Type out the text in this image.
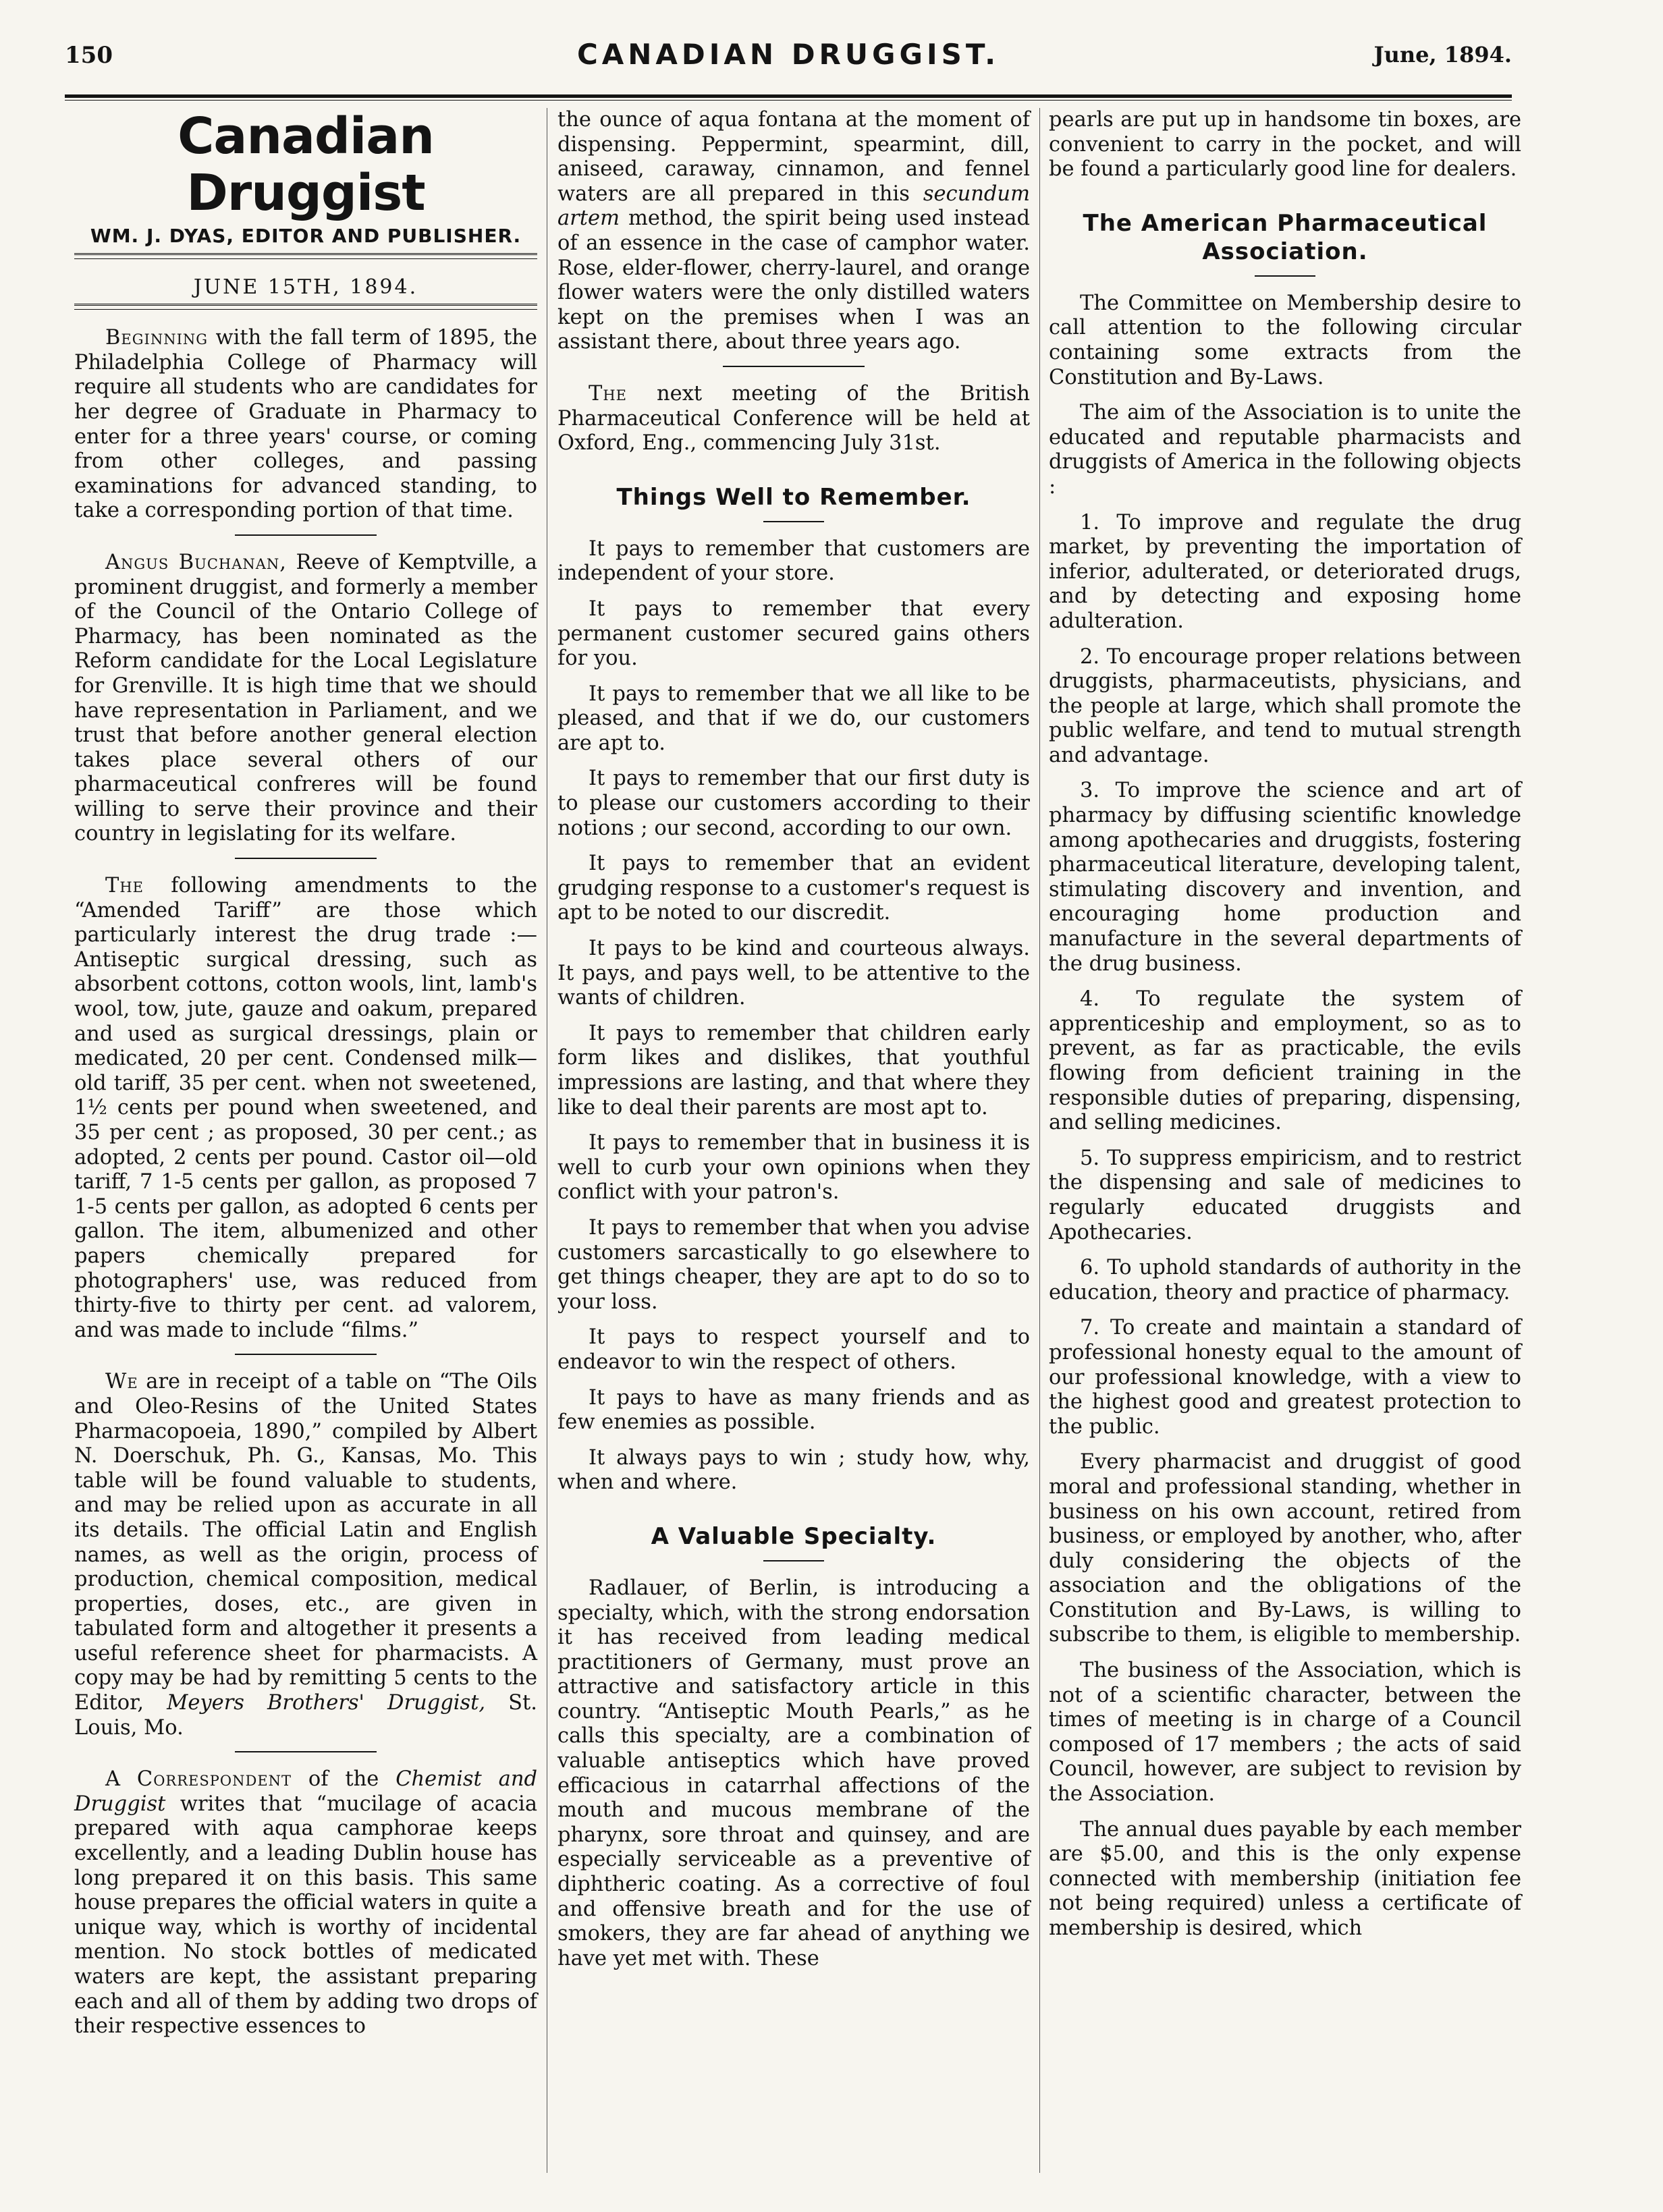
150	CANADIAN DRUGGIST.	June, 1894.
Canadian Druggist
WM. J. DYAS, EDITOR AND PUBLISHER.
JUNE 15TH, 1894.

Beginning with the fall term of 1895, the Philadelphia College of Pharmacy will require all students who are candidates for her degree of Graduate in Pharmacy to enter for a three years' course, or coming from other colleges, and passing examinations for advanced standing, to take a corresponding portion of that time.

Angus Buchanan, Reeve of Kemptville, a prominent druggist, and formerly a member of the Council of the Ontario College of Pharmacy, has been nominated as the Reform candidate for the Local Legislature for Grenville. It is high time that we should have representation in Parliament, and we trust that before another general election takes place several others of our pharmaceutical confreres will be found willing to serve their province and their country in legislating for its welfare.

The following amendments to the “Amended Tariff” are those which particularly interest the drug trade :—Antiseptic surgical dressing, such as absorbent cottons, cotton wools, lint, lamb's wool, tow, jute, gauze and oakum, prepared and used as surgical dressings, plain or medicated, 20 per cent. Condensed milk—old tariff, 35 per cent. when not sweetened, 1½ cents per pound when sweetened, and 35 per cent ; as proposed, 30 per cent.; as adopted, 2 cents per pound. Castor oil—old tariff, 7 1-5 cents per gallon, as proposed 7 1-5 cents per gallon, as adopted 6 cents per gallon. The item, albumenized and other papers chemically prepared for photographers' use, was reduced from thirty-five to thirty per cent. ad valorem, and was made to include “films.”

We are in receipt of a table on “The Oils and Oleo-Resins of the United States Pharmacopoeia, 1890,” compiled by Albert N. Doerschuk, Ph. G., Kansas, Mo. This table will be found valuable to students, and may be relied upon as accurate in all its details. The official Latin and English names, as well as the origin, process of production, chemical composition, medical properties, doses, etc., are given in tabulated form and altogether it presents a useful reference sheet for pharmacists. A copy may be had by remitting 5 cents to the Editor, Meyers Brothers' Druggist, St. Louis, Mo.

A Correspondent of the Chemist and Druggist writes that “mucilage of acacia prepared with aqua camphorae keeps excellently, and a leading Dublin house has long prepared it on this basis. This same house prepares the official waters in quite a unique way, which is worthy of incidental mention. No stock bottles of medicated waters are kept, the assistant preparing each and all of them by adding two drops of their respective essences to

the ounce of aqua fontana at the moment of dispensing. Peppermint, spearmint, dill, aniseed, caraway, cinnamon, and fennel waters are all prepared in this secundum artem method, the spirit being used instead of an essence in the case of camphor water. Rose, elder-flower, cherry-laurel, and orange flower waters were the only distilled waters kept on the premises when I was an assistant there, about three years ago.

The next meeting of the British Pharmaceutical Conference will be held at Oxford, Eng., commencing July 31st.

Things Well to Remember.

It pays to remember that customers are independent of your store.

It pays to remember that every permanent customer secured gains others for you.

It pays to remember that we all like to be pleased, and that if we do, our customers are apt to.

It pays to remember that our first duty is to please our customers according to their notions ; our second, according to our own.

It pays to remember that an evident grudging response to a customer's request is apt to be noted to our discredit.

It pays to be kind and courteous always. It pays, and pays well, to be attentive to the wants of children.

It pays to remember that children early form likes and dislikes, that youthful impressions are lasting, and that where they like to deal their parents are most apt to.

It pays to remember that in business it is well to curb your own opinions when they conflict with your patron's.

It pays to remember that when you advise customers sarcastically to go elsewhere to get things cheaper, they are apt to do so to your loss.

It pays to respect yourself and to endeavor to win the respect of others.

It pays to have as many friends and as few enemies as possible.

It always pays to win ; study how, why, when and where.

A Valuable Specialty.

Radlauer, of Berlin, is introducing a specialty, which, with the strong endorsation it has received from leading medical practitioners of Germany, must prove an attractive and satisfactory article in this country. “Antiseptic Mouth Pearls,” as he calls this specialty, are a combination of valuable antiseptics which have proved efficacious in catarrhal affections of the mouth and mucous membrane of the pharynx, sore throat and quinsey, and are especially serviceable as a preventive of diphtheric coating. As a corrective of foul and offensive breath and for the use of smokers, they are far ahead of anything we have yet met with. These

pearls are put up in handsome tin boxes, are convenient to carry in the pocket, and will be found a particularly good line for dealers.

The American Pharmaceutical Association.

The Committee on Membership desire to call attention to the following circular containing some extracts from the Constitution and By-Laws.

The aim of the Association is to unite the educated and reputable pharmacists and druggists of America in the following objects :

1. To improve and regulate the drug market, by preventing the importation of inferior, adulterated, or deteriorated drugs, and by detecting and exposing home adulteration.

2. To encourage proper relations between druggists, pharmaceutists, physicians, and the people at large, which shall promote the public welfare, and tend to mutual strength and advantage.

3. To improve the science and art of pharmacy by diffusing scientific knowledge among apothecaries and druggists, fostering pharmaceutical literature, developing talent, stimulating discovery and invention, and encouraging home production and manufacture in the several departments of the drug business.

4. To regulate the system of apprenticeship and employment, so as to prevent, as far as practicable, the evils flowing from deficient training in the responsible duties of preparing, dispensing, and selling medicines.

5. To suppress empiricism, and to restrict the dispensing and sale of medicines to regularly educated druggists and Apothecaries.

6. To uphold standards of authority in the education, theory and practice of pharmacy.

7. To create and maintain a standard of professional honesty equal to the amount of our professional knowledge, with a view to the highest good and greatest protection to the public.

Every pharmacist and druggist of good moral and professional standing, whether in business on his own account, retired from business, or employed by another, who, after duly considering the objects of the association and the obligations of the Constitution and By-Laws, is willing to subscribe to them, is eligible to membership.

The business of the Association, which is not of a scientific character, between the times of meeting is in charge of a Council composed of 17 members ; the acts of said Council, however, are subject to revision by the Association.

The annual dues payable by each member are $5.00, and this is the only expense connected with membership (initiation fee not being required) unless a certificate of membership is desired, which
